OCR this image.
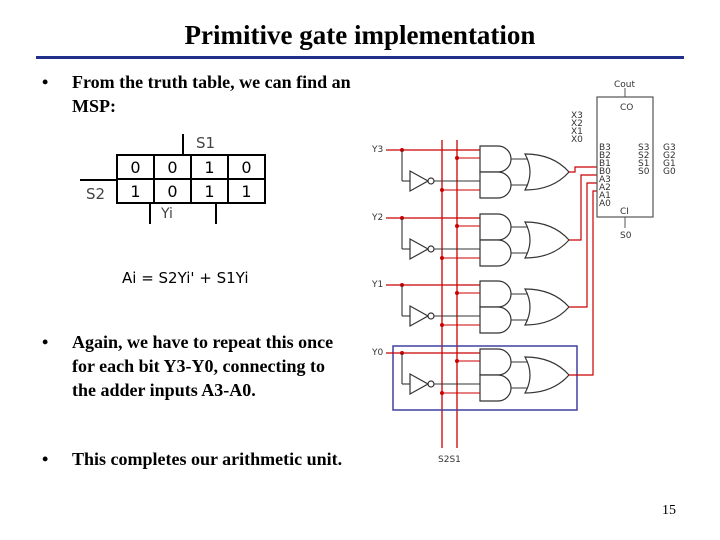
Primitive gate implementation
• From the truth table, we can find an MSP:
S1
S2
Yi
0	0	1	0
1	0	1	1
Ai = S2Yi' + S1Yi
• Again, we have to repeat this once for each bit Y3-Y0, connecting to the adder inputs A3-A0.
• This completes our arithmetic unit.	S2S1
Y3
Y2
Y1
Y0
Cout
CO
CI
S0
X3
X2
X1
X0
B3
B2
B1
B0
A3
A2
A1
A0
S3
S2
S1
S0
G3
G2
G1
G0
15
